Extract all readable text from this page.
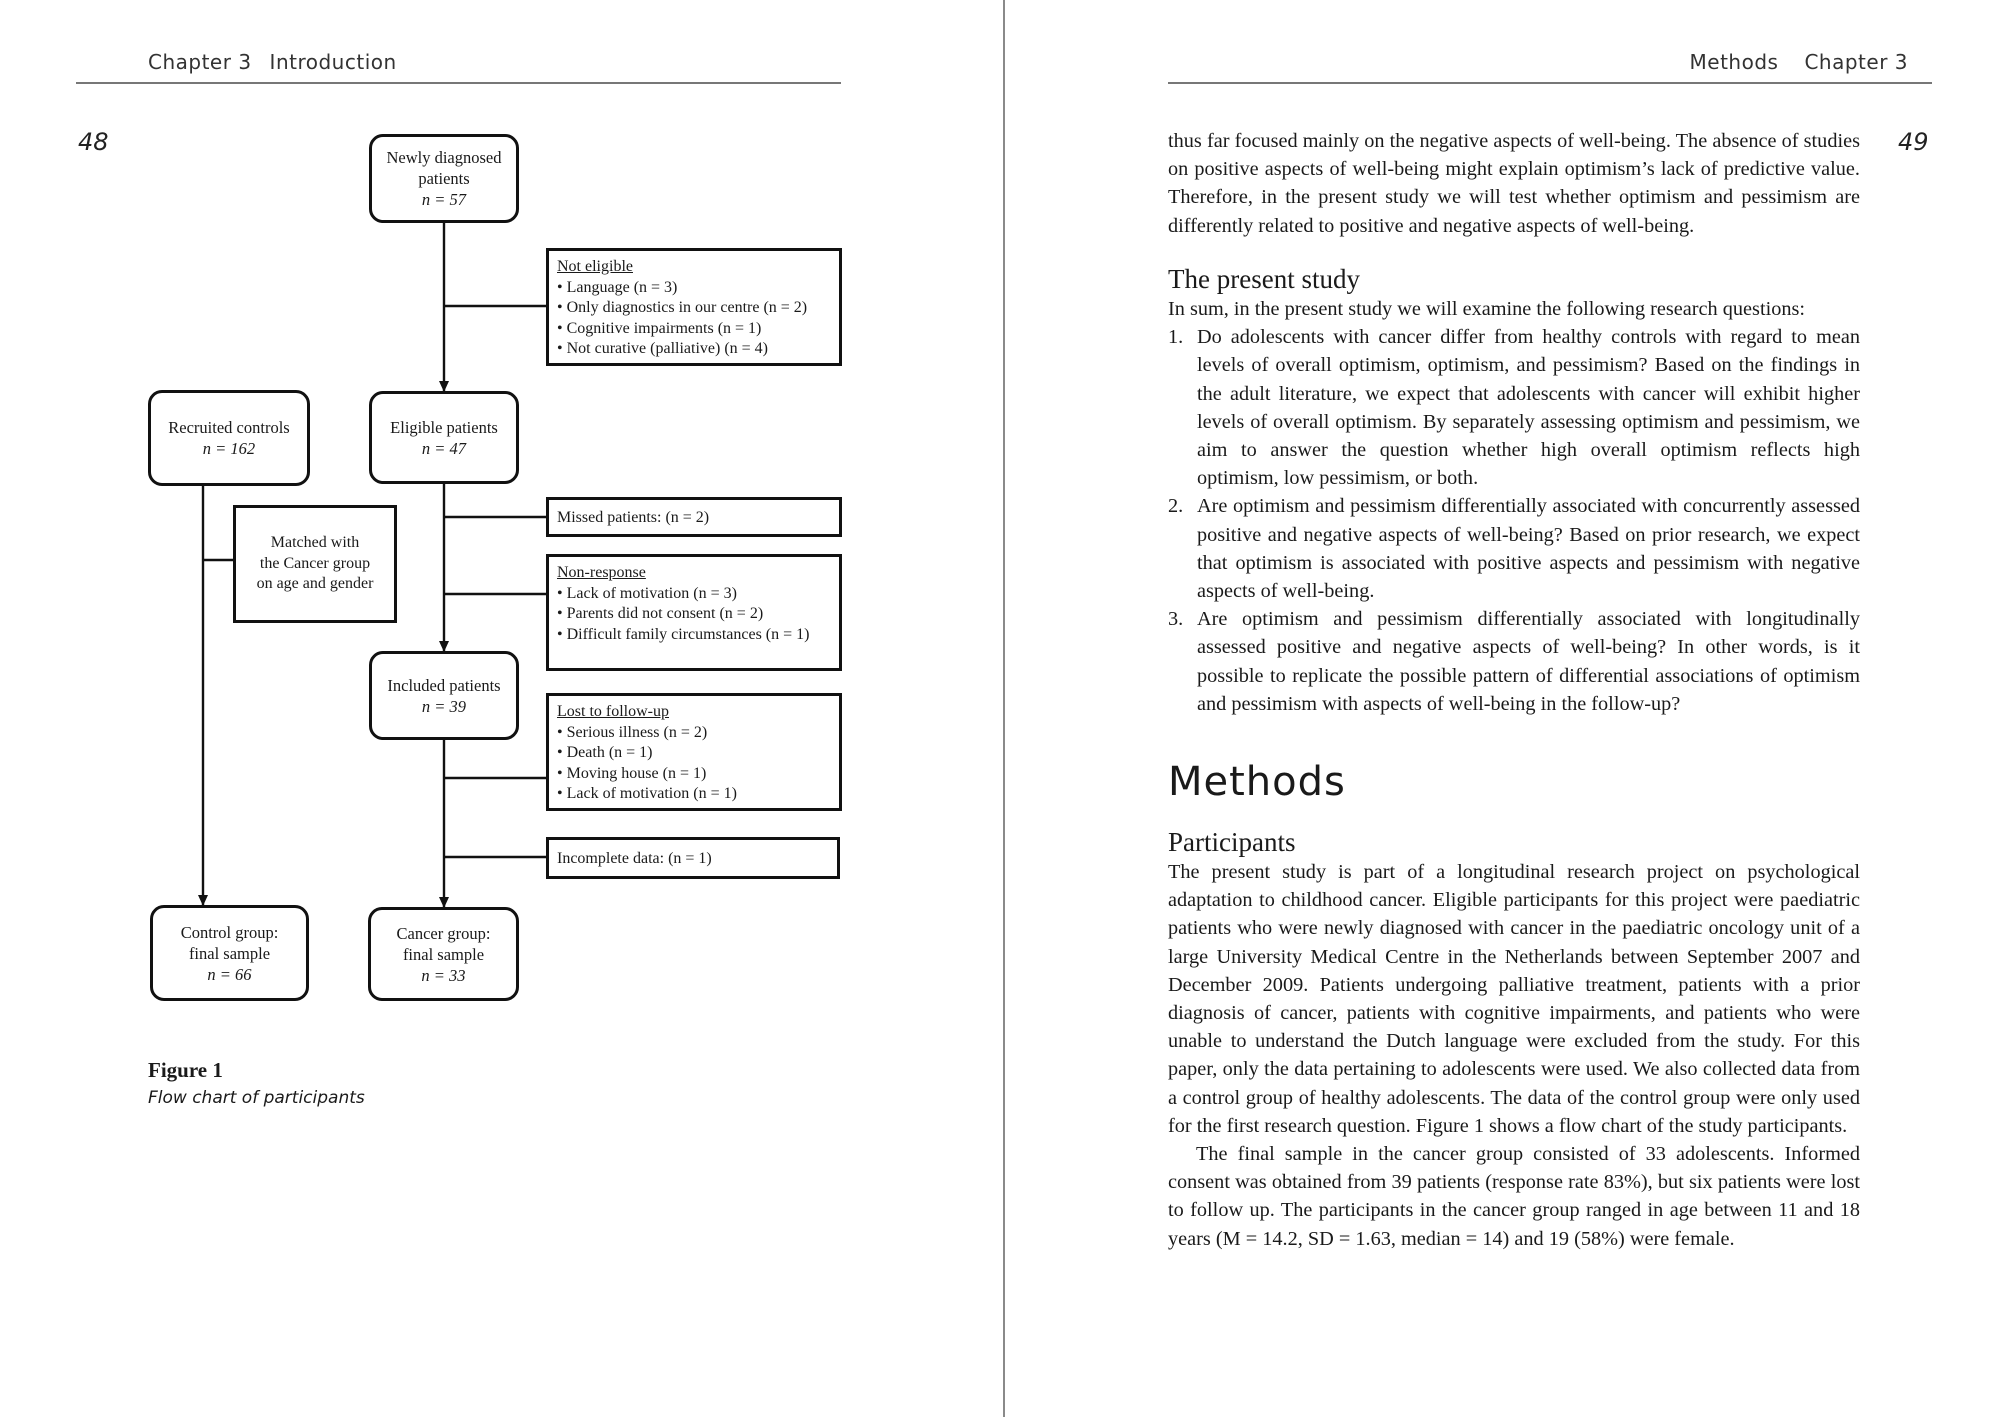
Chapter 3 Introduction
48
Newly diagnosed
patients
n = 57
Not eligible
• Language (n = 3)
• Only diagnostics in our centre (n = 2)
• Cognitive impairments (n = 1)
• Not curative (palliative) (n = 4)
Recruited controls
n = 162
Eligible patients
n = 47
Matched with
the Cancer group
on age and gender
Missed patients: (n = 2)
Non-response
• Lack of motivation (n = 3)
• Parents did not consent (n = 2)
• Difficult family circumstances (n = 1)
Included patients
n = 39	Lost to follow-up
• Serious illness (n = 2)
• Death (n = 1)
• Moving house (n = 1)
• Lack of motivation (n = 1)
Incomplete data: (n = 1)
Control group:
final sample
n = 66
Cancer group:
final sample
n = 33
Figure 1
Flow chart of participants
Methods Chapter 3
49

thus far focused mainly on the negative aspects of well-being. The absence of studies on positive aspects of well-being might explain optimism’s lack of predictive value. Therefore, in the present study we will test whether optimism and pessimism are differently related to positive and negative aspects of well-being.

The present study
In sum, in the present study we will examine the following research questions:
1. Do adolescents with cancer differ from healthy controls with regard to mean levels of overall optimism, optimism, and pessimism? Based on the findings in the adult literature, we expect that adolescents with cancer will exhibit higher levels of overall optimism. By separately assessing optimism and pessimism, we aim to answer the question whether high overall optimism reflects high optimism, low pessimism, or both.
2. Are optimism and pessimism differentially associated with concurrently assessed positive and negative aspects of well-being? Based on prior research, we expect that optimism is associated with positive aspects and pessimism with negative aspects of well-being.
3. Are optimism and pessimism differentially associated with longitudinally assessed positive and negative aspects of well-being? In other words, is it possible to replicate the possible pattern of differential associations of optimism and pessimism with aspects of well-being in the follow-up?
Methods
Participants

The present study is part of a longitudinal research project on psychological adaptation to childhood cancer. Eligible participants for this project were paediatric patients who were newly diagnosed with cancer in the paediatric oncology unit of a large University Medical Centre in the Netherlands between September 2007 and December 2009. Patients undergoing palliative treatment, patients with a prior diagnosis of cancer, patients with cognitive impairments, and patients who were unable to understand the Dutch language were excluded from the study. For this paper, only the data pertaining to adolescents were used. We also collected data from a control group of healthy adolescents. The data of the control group were only used for the first research question. Figure 1 shows a flow chart of the study participants.

The final sample in the cancer group consisted of 33 adolescents. Informed consent was obtained from 39 patients (response rate 83%), but six patients were lost to follow up. The participants in the cancer group ranged in age between 11 and 18 years (M = 14.2, SD = 1.63, median = 14) and 19 (58%) were female.
